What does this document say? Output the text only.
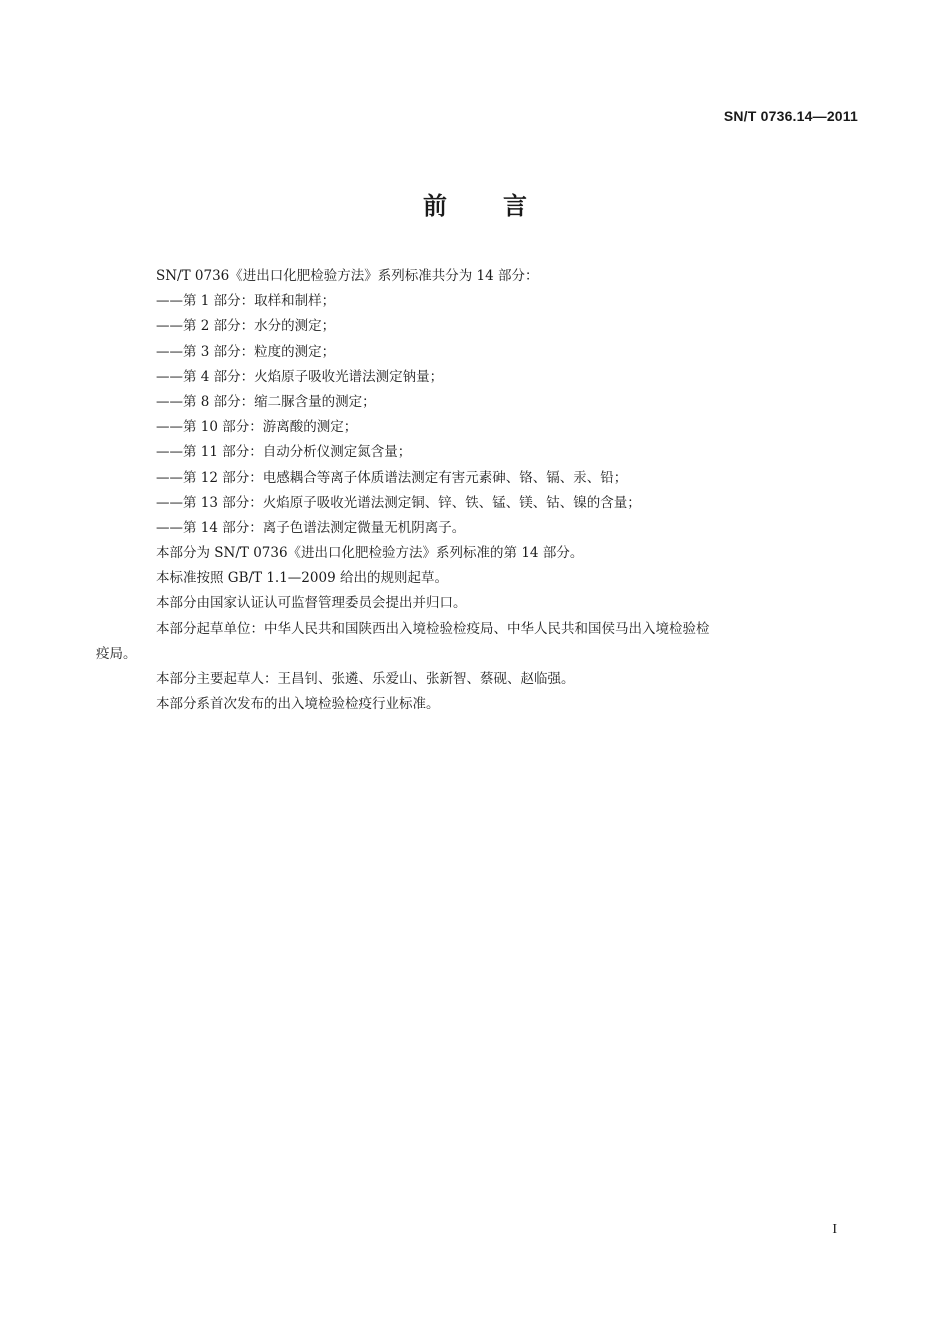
SN/T 0736.14—2011
前言
SN/T 0736《进出口化肥检验方法》系列标准共分为 14 部分：
——第 1 部分：取样和制样；
——第 2 部分：水分的测定；
——第 3 部分：粒度的测定；
——第 4 部分：火焰原子吸收光谱法测定钠量；
——第 8 部分：缩二脲含量的测定；
——第 10 部分：游离酸的测定；
——第 11 部分：自动分析仪测定氮含量；
——第 12 部分：电感耦合等离子体质谱法测定有害元素砷、铬、镉、汞、铅；
——第 13 部分：火焰原子吸收光谱法测定铜、锌、铁、锰、镁、钴、镍的含量；
——第 14 部分：离子色谱法测定微量无机阴离子。
本部分为 SN/T 0736《进出口化肥检验方法》系列标准的第 14 部分。
本标准按照 GB/T 1.1—2009 给出的规则起草。
本部分由国家认证认可监督管理委员会提出并归口。
本部分起草单位：中华人民共和国陕西出入境检验检疫局、中华人民共和国侯马出入境检验检
疫局。
本部分主要起草人：王昌钊、张遴、乐爱山、张新智、蔡砚、赵临强。
本部分系首次发布的出入境检验检疫行业标准。
I
